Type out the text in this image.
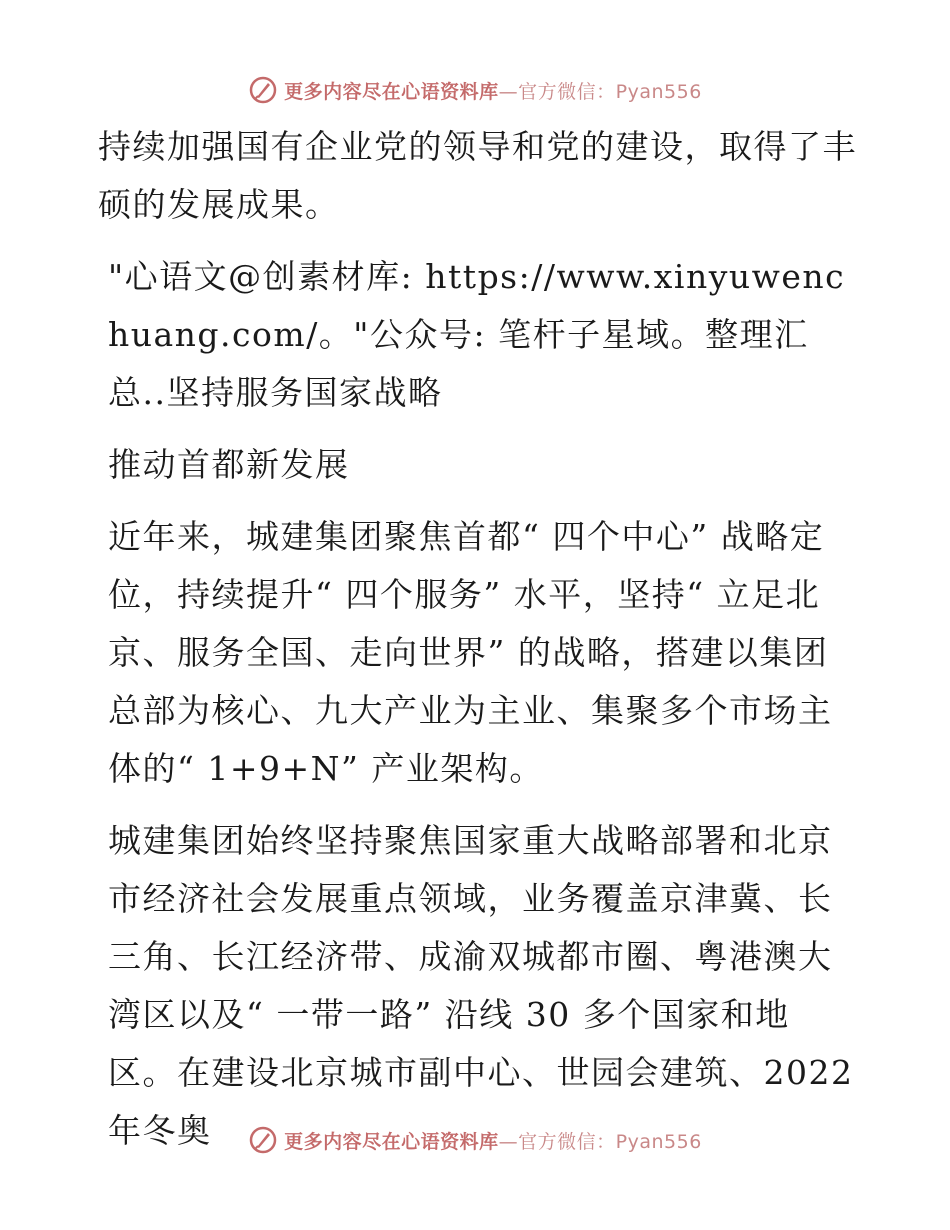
更多内容尽在心语资料库—官方微信：Pyan556

持续加强国有企业党的领导和党的建设，取得了丰硕的发展成果。

"心语文@创素材库: https://www.xinyuwenchuang.com/。"公众号: 笔杆子星域。整理汇总..坚持服务国家战略

推动首都新发展

近年来，城建集团聚焦首都“ 四个中心” 战略定位，持续提升“ 四个服务” 水平，坚持“ 立足北京、服务全国、走向世界” 的战略，搭建以集团总部为核心、九大产业为主业、集聚多个市场主体的“ 1+9+N” 产业架构。

城建集团始终坚持聚焦国家重大战略部署和北京市经济社会发展重点领域，业务覆盖京津冀、长三角、长江经济带、成渝双城都市圈、粤港澳大湾区以及“ 一带一路” 沿线 30 多个国家和地区。在建设北京城市副中心、世园会建筑、2022 年冬奥	更多内容尽在心语资料库—官方微信：Pyan556
